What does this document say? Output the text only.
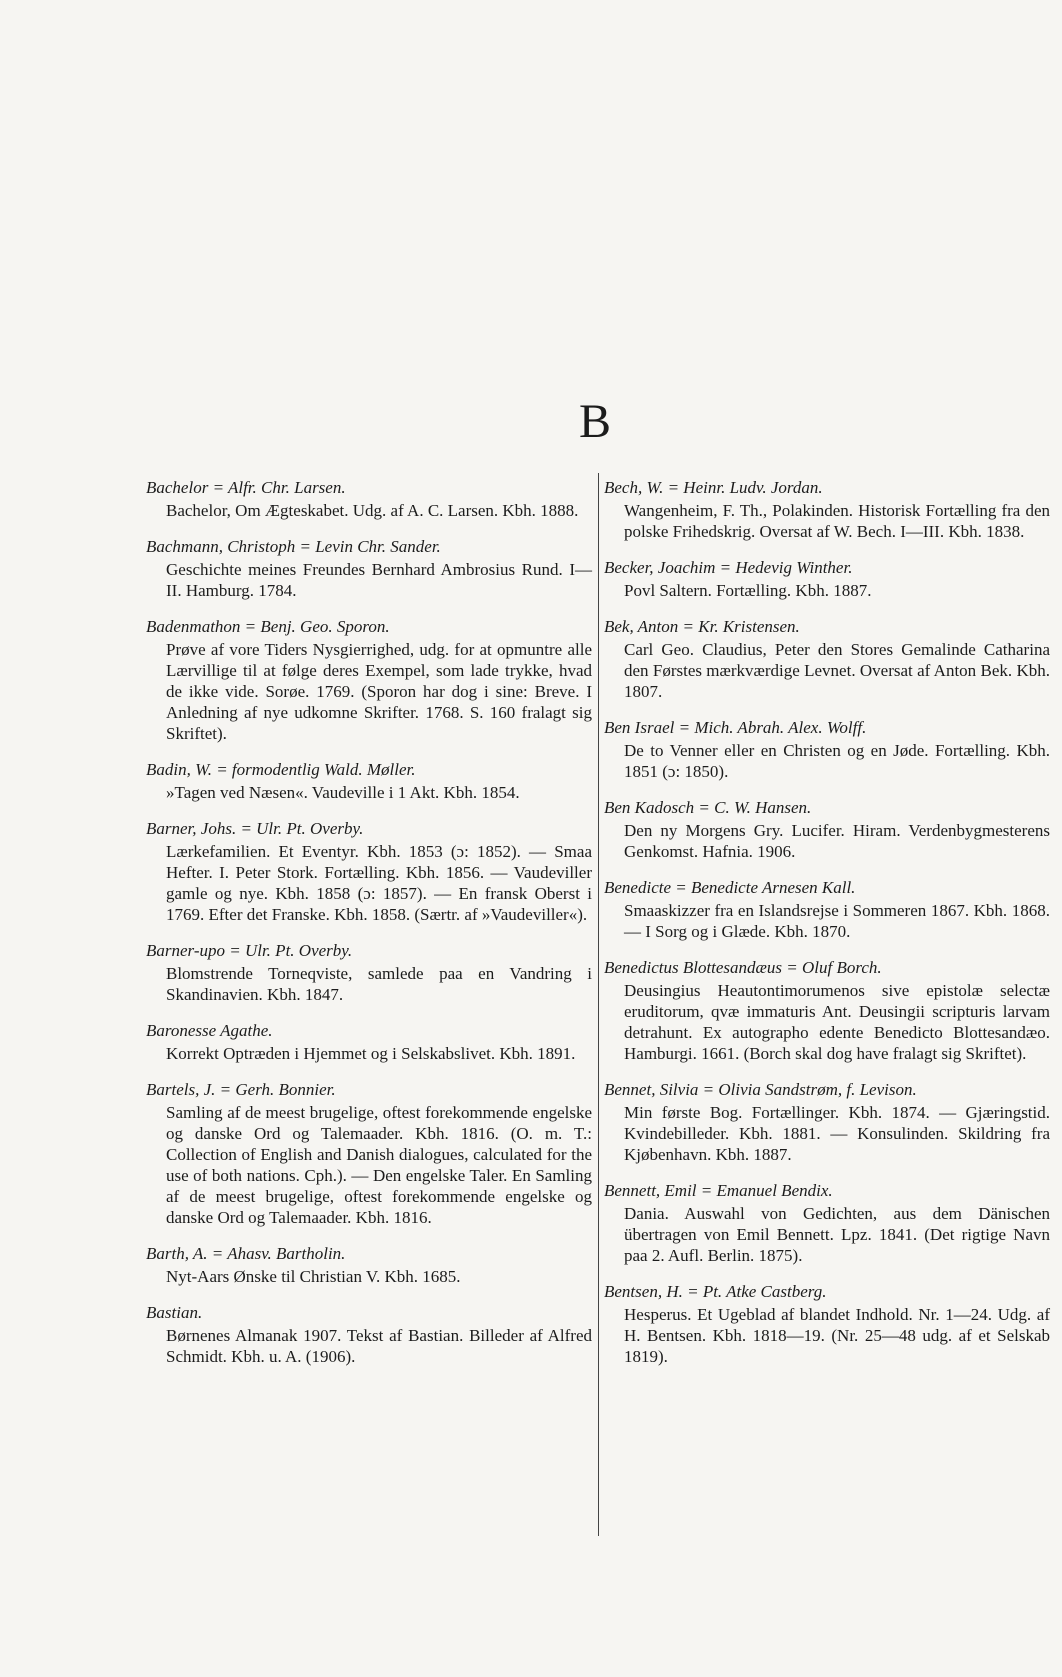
B
Bachelor = Alfr. Chr. Larsen.
Bachelor, Om Ægteskabet. Udg. af A. C. Larsen. Kbh. 1888.
Bachmann, Christoph = Levin Chr. Sander.
Geschichte meines Freundes Bernhard Ambrosius Rund. I—II. Hamburg. 1784.
Badenmathon = Benj. Geo. Sporon.
Prøve af vore Tiders Nysgierrighed, udg. for at opmuntre alle Lærvillige til at følge deres Exempel, som lade trykke, hvad de ikke vide. Sorøe. 1769. (Sporon har dog i sine: Breve. I Anledning af nye udkomne Skrifter. 1768. S. 160 fralagt sig Skriftet).
Badin, W. = formodentlig Wald. Møller.
»Tagen ved Næsen«. Vaudeville i 1 Akt. Kbh. 1854.
Barner, Johs. = Ulr. Pt. Overby.
Lærkefamilien. Et Eventyr. Kbh. 1853 (ɔ: 1852). — Smaa Hefter. I. Peter Stork. Fortælling. Kbh. 1856. — Vaudeviller gamle og nye. Kbh. 1858 (ɔ: 1857). — En fransk Oberst i 1769. Efter det Franske. Kbh. 1858. (Særtr. af »Vaudeviller«).
Barner-upo = Ulr. Pt. Overby.
Blomstrende Torneqviste, samlede paa en Vandring i Skandinavien. Kbh. 1847.
Baronesse Agathe.
Korrekt Optræden i Hjemmet og i Selskabslivet. Kbh. 1891.
Bartels, J. = Gerh. Bonnier.
Samling af de meest brugelige, oftest forekommende engelske og danske Ord og Talemaader. Kbh. 1816. (O. m. T.: Collection of English and Danish dialogues, calculated for the use of both nations. Cph.). — Den engelske Taler. En Samling af de meest brugelige, oftest forekommende engelske og danske Ord og Talemaader. Kbh. 1816.
Barth, A. = Ahasv. Bartholin.
Nyt-Aars Ønske til Christian V. Kbh. 1685.
Bastian.
Børnenes Almanak 1907. Tekst af Bastian. Billeder af Alfred Schmidt. Kbh. u. A. (1906).
Bech, W. = Heinr. Ludv. Jordan.
Wangenheim, F. Th., Polakinden. Historisk Fortælling fra den polske Frihedskrig. Oversat af W. Bech. I—III. Kbh. 1838.
Becker, Joachim = Hedevig Winther.
Povl Saltern. Fortælling. Kbh. 1887.
Bek, Anton = Kr. Kristensen.
Carl Geo. Claudius, Peter den Stores Gemalinde Catharina den Førstes mærkværdige Levnet. Oversat af Anton Bek. Kbh. 1807.
Ben Israel = Mich. Abrah. Alex. Wolff.
De to Venner eller en Christen og en Jøde. Fortælling. Kbh. 1851 (ɔ: 1850).
Ben Kadosch = C. W. Hansen.
Den ny Morgens Gry. Lucifer. Hiram. Verdenbygmesterens Genkomst. Hafnia. 1906.
Benedicte = Benedicte Arnesen Kall.
Smaaskizzer fra en Islandsrejse i Sommeren 1867. Kbh. 1868. — I Sorg og i Glæde. Kbh. 1870.
Benedictus Blottesandæus = Oluf Borch.
Deusingius Heautontimorumenos sive epistolæ selectæ eruditorum, qvæ immaturis Ant. Deusingii scripturis larvam detrahunt. Ex autographo edente Benedicto Blottesandæo. Hamburgi. 1661. (Borch skal dog have fralagt sig Skriftet).
Bennet, Silvia = Olivia Sandstrøm, f. Levison.
Min første Bog. Fortællinger. Kbh. 1874. — Gjæringstid. Kvindebilleder. Kbh. 1881. — Konsulinden. Skildring fra Kjøbenhavn. Kbh. 1887.
Bennett, Emil = Emanuel Bendix.
Dania. Auswahl von Gedichten, aus dem Dänischen übertragen von Emil Bennett. Lpz. 1841. (Det rigtige Navn paa 2. Aufl. Berlin. 1875).
Bentsen, H. = Pt. Atke Castberg.
Hesperus. Et Ugeblad af blandet Indhold. Nr. 1—24. Udg. af H. Bentsen. Kbh. 1818—19. (Nr. 25—48 udg. af et Selskab 1819).
